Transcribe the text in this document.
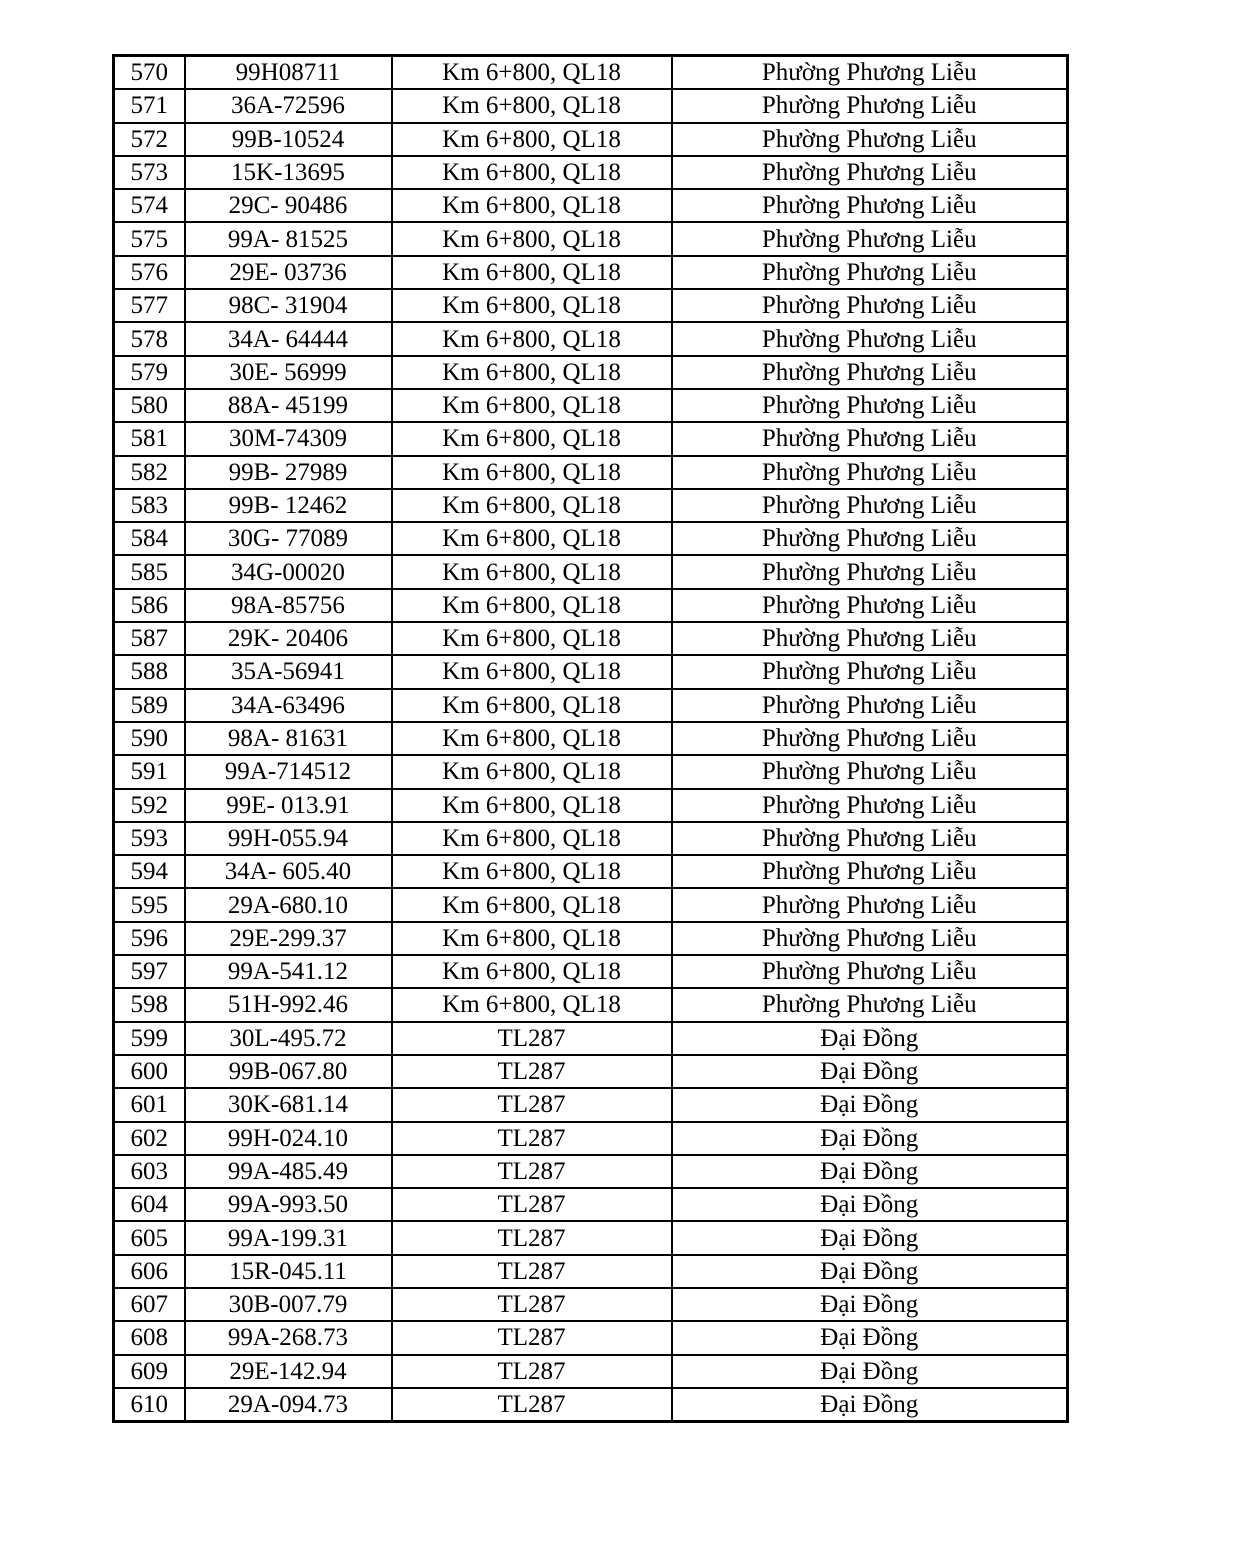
570	99H08711	Km 6+800, QL18	Phường Phương Liễu
571	36A-72596	Km 6+800, QL18	Phường Phương Liễu
572	99B-10524	Km 6+800, QL18	Phường Phương Liễu
573	15K-13695	Km 6+800, QL18	Phường Phương Liễu
574	29C- 90486	Km 6+800, QL18	Phường Phương Liễu
575	99A- 81525	Km 6+800, QL18	Phường Phương Liễu
576	29E- 03736	Km 6+800, QL18	Phường Phương Liễu
577	98C- 31904	Km 6+800, QL18	Phường Phương Liễu
578	34A- 64444	Km 6+800, QL18	Phường Phương Liễu
579	30E- 56999	Km 6+800, QL18	Phường Phương Liễu
580	88A- 45199	Km 6+800, QL18	Phường Phương Liễu
581	30M-74309	Km 6+800, QL18	Phường Phương Liễu
582	99B- 27989	Km 6+800, QL18	Phường Phương Liễu
583	99B- 12462	Km 6+800, QL18	Phường Phương Liễu
584	30G- 77089	Km 6+800, QL18	Phường Phương Liễu
585	34G-00020	Km 6+800, QL18	Phường Phương Liễu
586	98A-85756	Km 6+800, QL18	Phường Phương Liễu
587	29K- 20406	Km 6+800, QL18	Phường Phương Liễu
588	35A-56941	Km 6+800, QL18	Phường Phương Liễu
589	34A-63496	Km 6+800, QL18	Phường Phương Liễu
590	98A- 81631	Km 6+800, QL18	Phường Phương Liễu
591	99A-714512	Km 6+800, QL18	Phường Phương Liễu
592	99E- 013.91	Km 6+800, QL18	Phường Phương Liễu
593	99H-055.94	Km 6+800, QL18	Phường Phương Liễu
594	34A- 605.40	Km 6+800, QL18	Phường Phương Liễu
595	29A-680.10	Km 6+800, QL18	Phường Phương Liễu
596	29E-299.37	Km 6+800, QL18	Phường Phương Liễu
597	99A-541.12	Km 6+800, QL18	Phường Phương Liễu
598	51H-992.46	Km 6+800, QL18	Phường Phương Liễu
599	30L-495.72	TL287	Đại Đồng
600	99B-067.80	TL287	Đại Đồng
601	30K-681.14	TL287	Đại Đồng
602	99H-024.10	TL287	Đại Đồng
603	99A-485.49	TL287	Đại Đồng
604	99A-993.50	TL287	Đại Đồng
605	99A-199.31	TL287	Đại Đồng
606	15R-045.11	TL287	Đại Đồng
607	30B-007.79	TL287	Đại Đồng
608	99A-268.73	TL287	Đại Đồng
609	29E-142.94	TL287	Đại Đồng
610	29A-094.73	TL287	Đại Đồng
